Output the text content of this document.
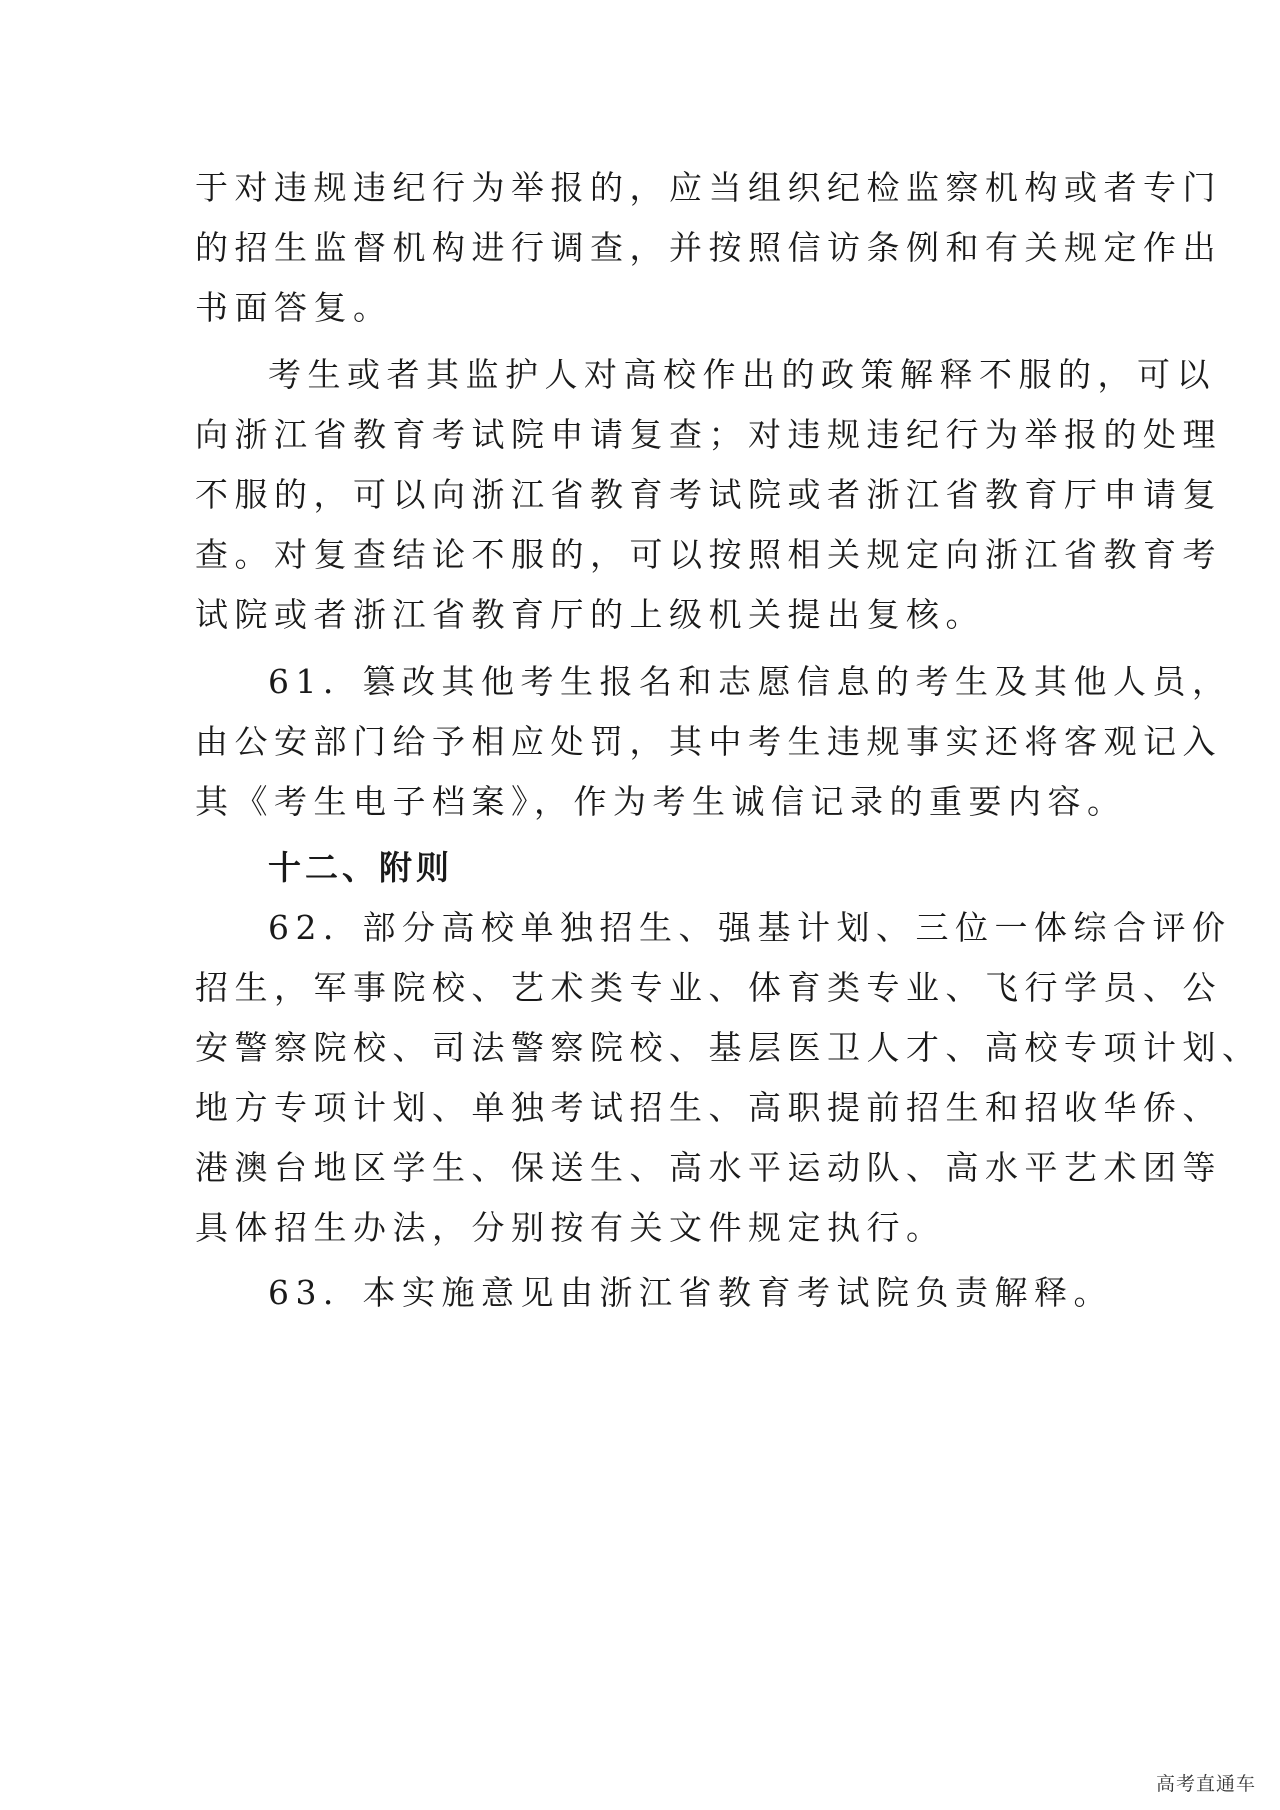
于对违规违纪行为举报的，应当组织纪检监察机构或者专门
的招生监督机构进行调查，并按照信访条例和有关规定作出
书面答复。
考生或者其监护人对高校作出的政策解释不服的，可以
向浙江省教育考试院申请复查；对违规违纪行为举报的处理
不服的，可以向浙江省教育考试院或者浙江省教育厅申请复
查。对复查结论不服的，可以按照相关规定向浙江省教育考
试院或者浙江省教育厅的上级机关提出复核。
61．篡改其他考生报名和志愿信息的考生及其他人员，
由公安部门给予相应处罚，其中考生违规事实还将客观记入
其《考生电子档案》，作为考生诚信记录的重要内容。
十二、附则
62．部分高校单独招生、强基计划、三位一体综合评价
招生，军事院校、艺术类专业、体育类专业、飞行学员、公
安警察院校、司法警察院校、基层医卫人才、高校专项计划、
地方专项计划、单独考试招生、高职提前招生和招收华侨、
港澳台地区学生、保送生、高水平运动队、高水平艺术团等
具体招生办法，分别按有关文件规定执行。
63．本实施意见由浙江省教育考试院负责解释。
高考直通车
